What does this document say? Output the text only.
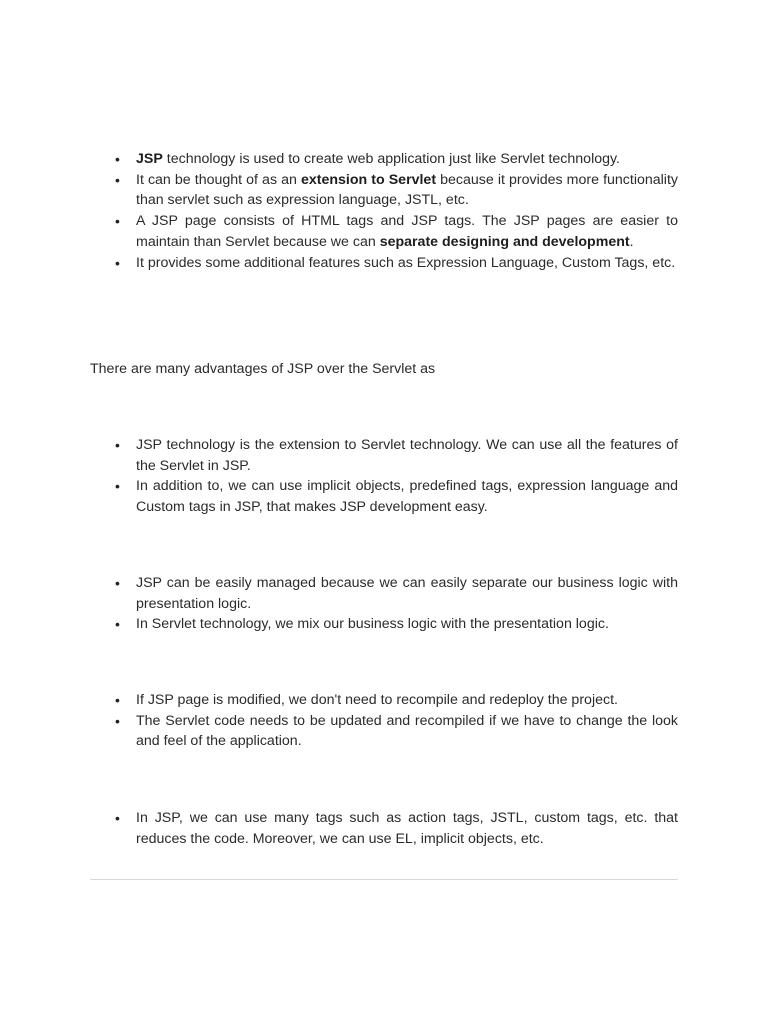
• JSP technology is used to create web application just like Servlet technology.
• It can be thought of as an extension to Servlet because it provides more functionality than servlet such as expression language, JSTL, etc.
• A JSP page consists of HTML tags and JSP tags. The JSP pages are easier to maintain than Servlet because we can separate designing and development.
• It provides some additional features such as Expression Language, Custom Tags, etc.

There are many advantages of JSP over the Servlet as

• JSP technology is the extension to Servlet technology. We can use all the features of the Servlet in JSP.
• In addition to, we can use implicit objects, predefined tags, expression language and Custom tags in JSP, that makes JSP development easy.
• JSP can be easily managed because we can easily separate our business logic with presentation logic.
• In Servlet technology, we mix our business logic with the presentation logic.
• If JSP page is modified, we don't need to recompile and redeploy the project.
• The Servlet code needs to be updated and recompiled if we have to change the look and feel of the application.
• In JSP, we can use many tags such as action tags, JSTL, custom tags, etc. that reduces the code. Moreover, we can use EL, implicit objects, etc.
